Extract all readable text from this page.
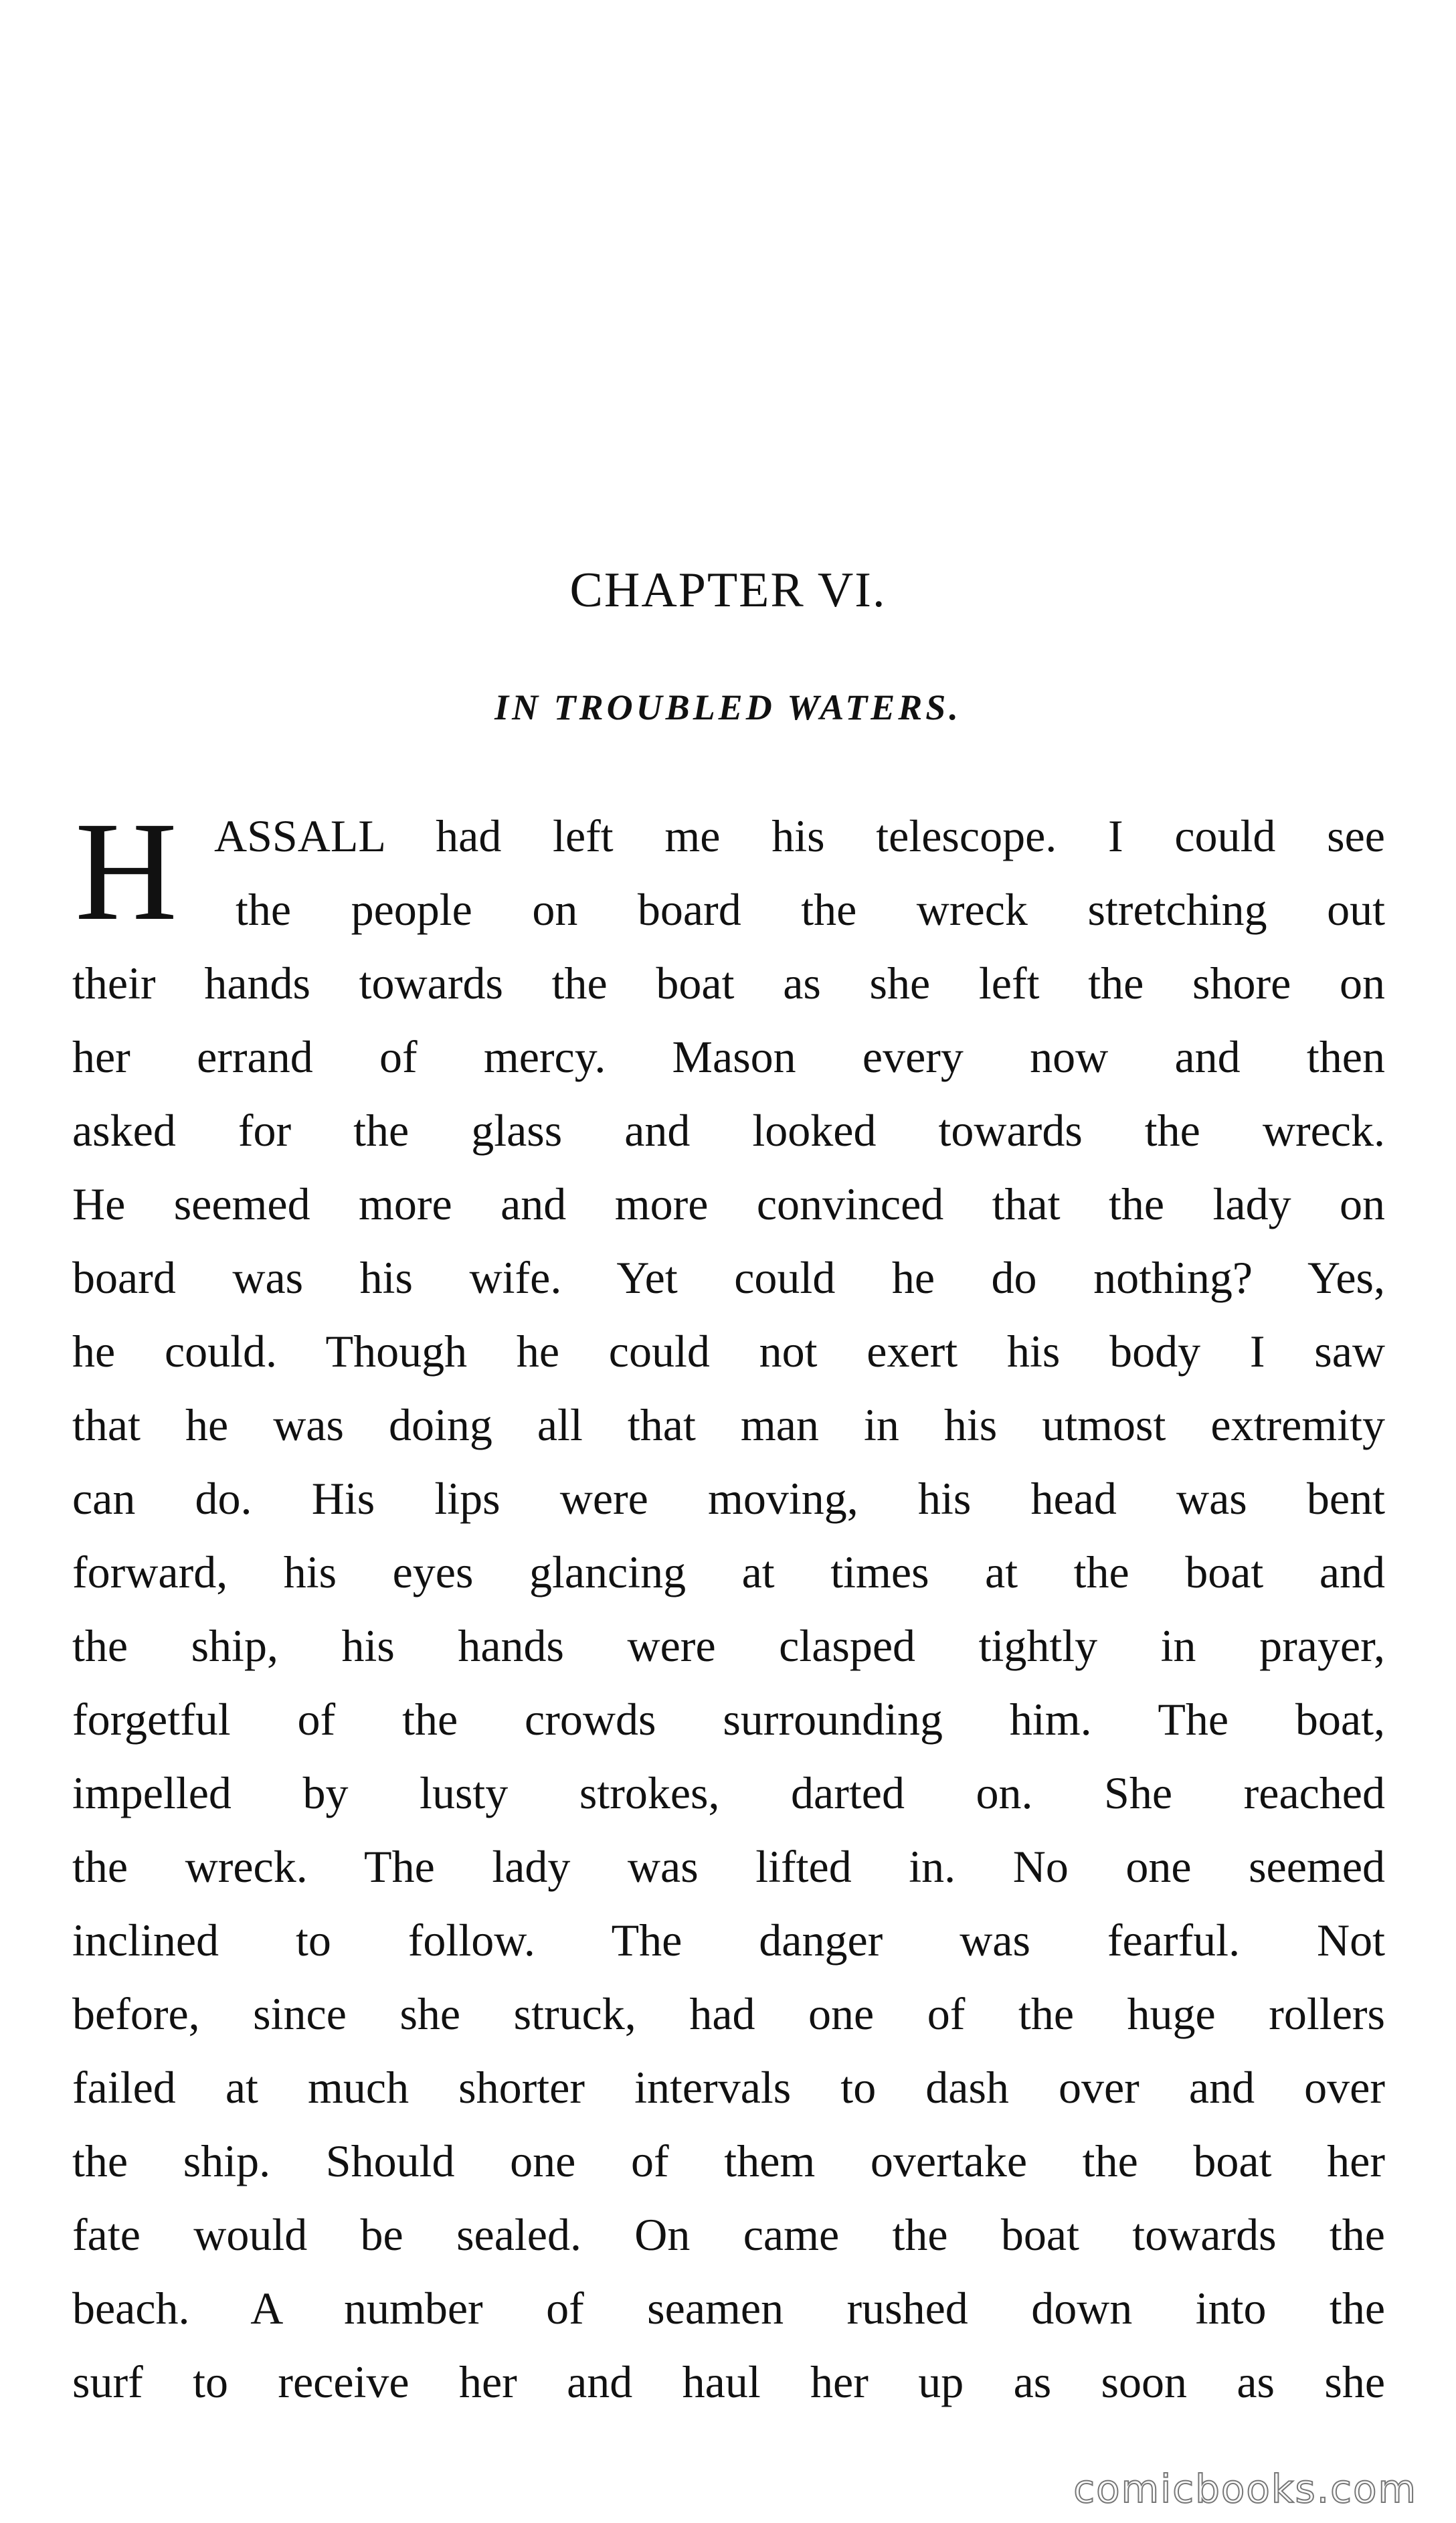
CHAPTER VI.
IN TROUBLED WATERS.
H ASSALL had left me his telescope. I could see
the people on board the wreck stretching out
their hands towards the boat as she left the shore on
her errand of mercy. Mason every now and then
asked for the glass and looked towards the wreck.
He seemed more and more convinced that the lady on
board was his wife. Yet could he do nothing? Yes,
he could. Though he could not exert his body I saw
that he was doing all that man in his utmost extremity
can do. His lips were moving, his head was bent
forward, his eyes glancing at times at the boat and
the ship, his hands were clasped tightly in prayer,
forgetful of the crowds surrounding him. The boat,
impelled by lusty strokes, darted on. She reached
the wreck. The lady was lifted in. No one seemed
inclined to follow. The danger was fearful. Not
before, since she struck, had one of the huge rollers
failed at much shorter intervals to dash over and over
the ship. Should one of them overtake the boat her
fate would be sealed. On came the boat towards the
beach. A number of seamen rushed down into the
surf to receive her and haul her up as soon as she
comicbooks.com
